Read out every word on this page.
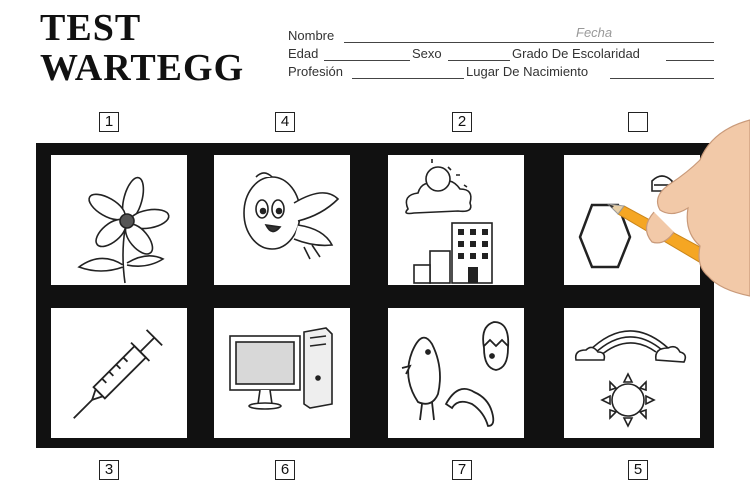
TEST
WARTEGG
Nombre	Fecha
Edad	Sexo	Grado De Escolaridad
Profesión	Lugar De Nacimiento
1	4	2
3	6	7	5
